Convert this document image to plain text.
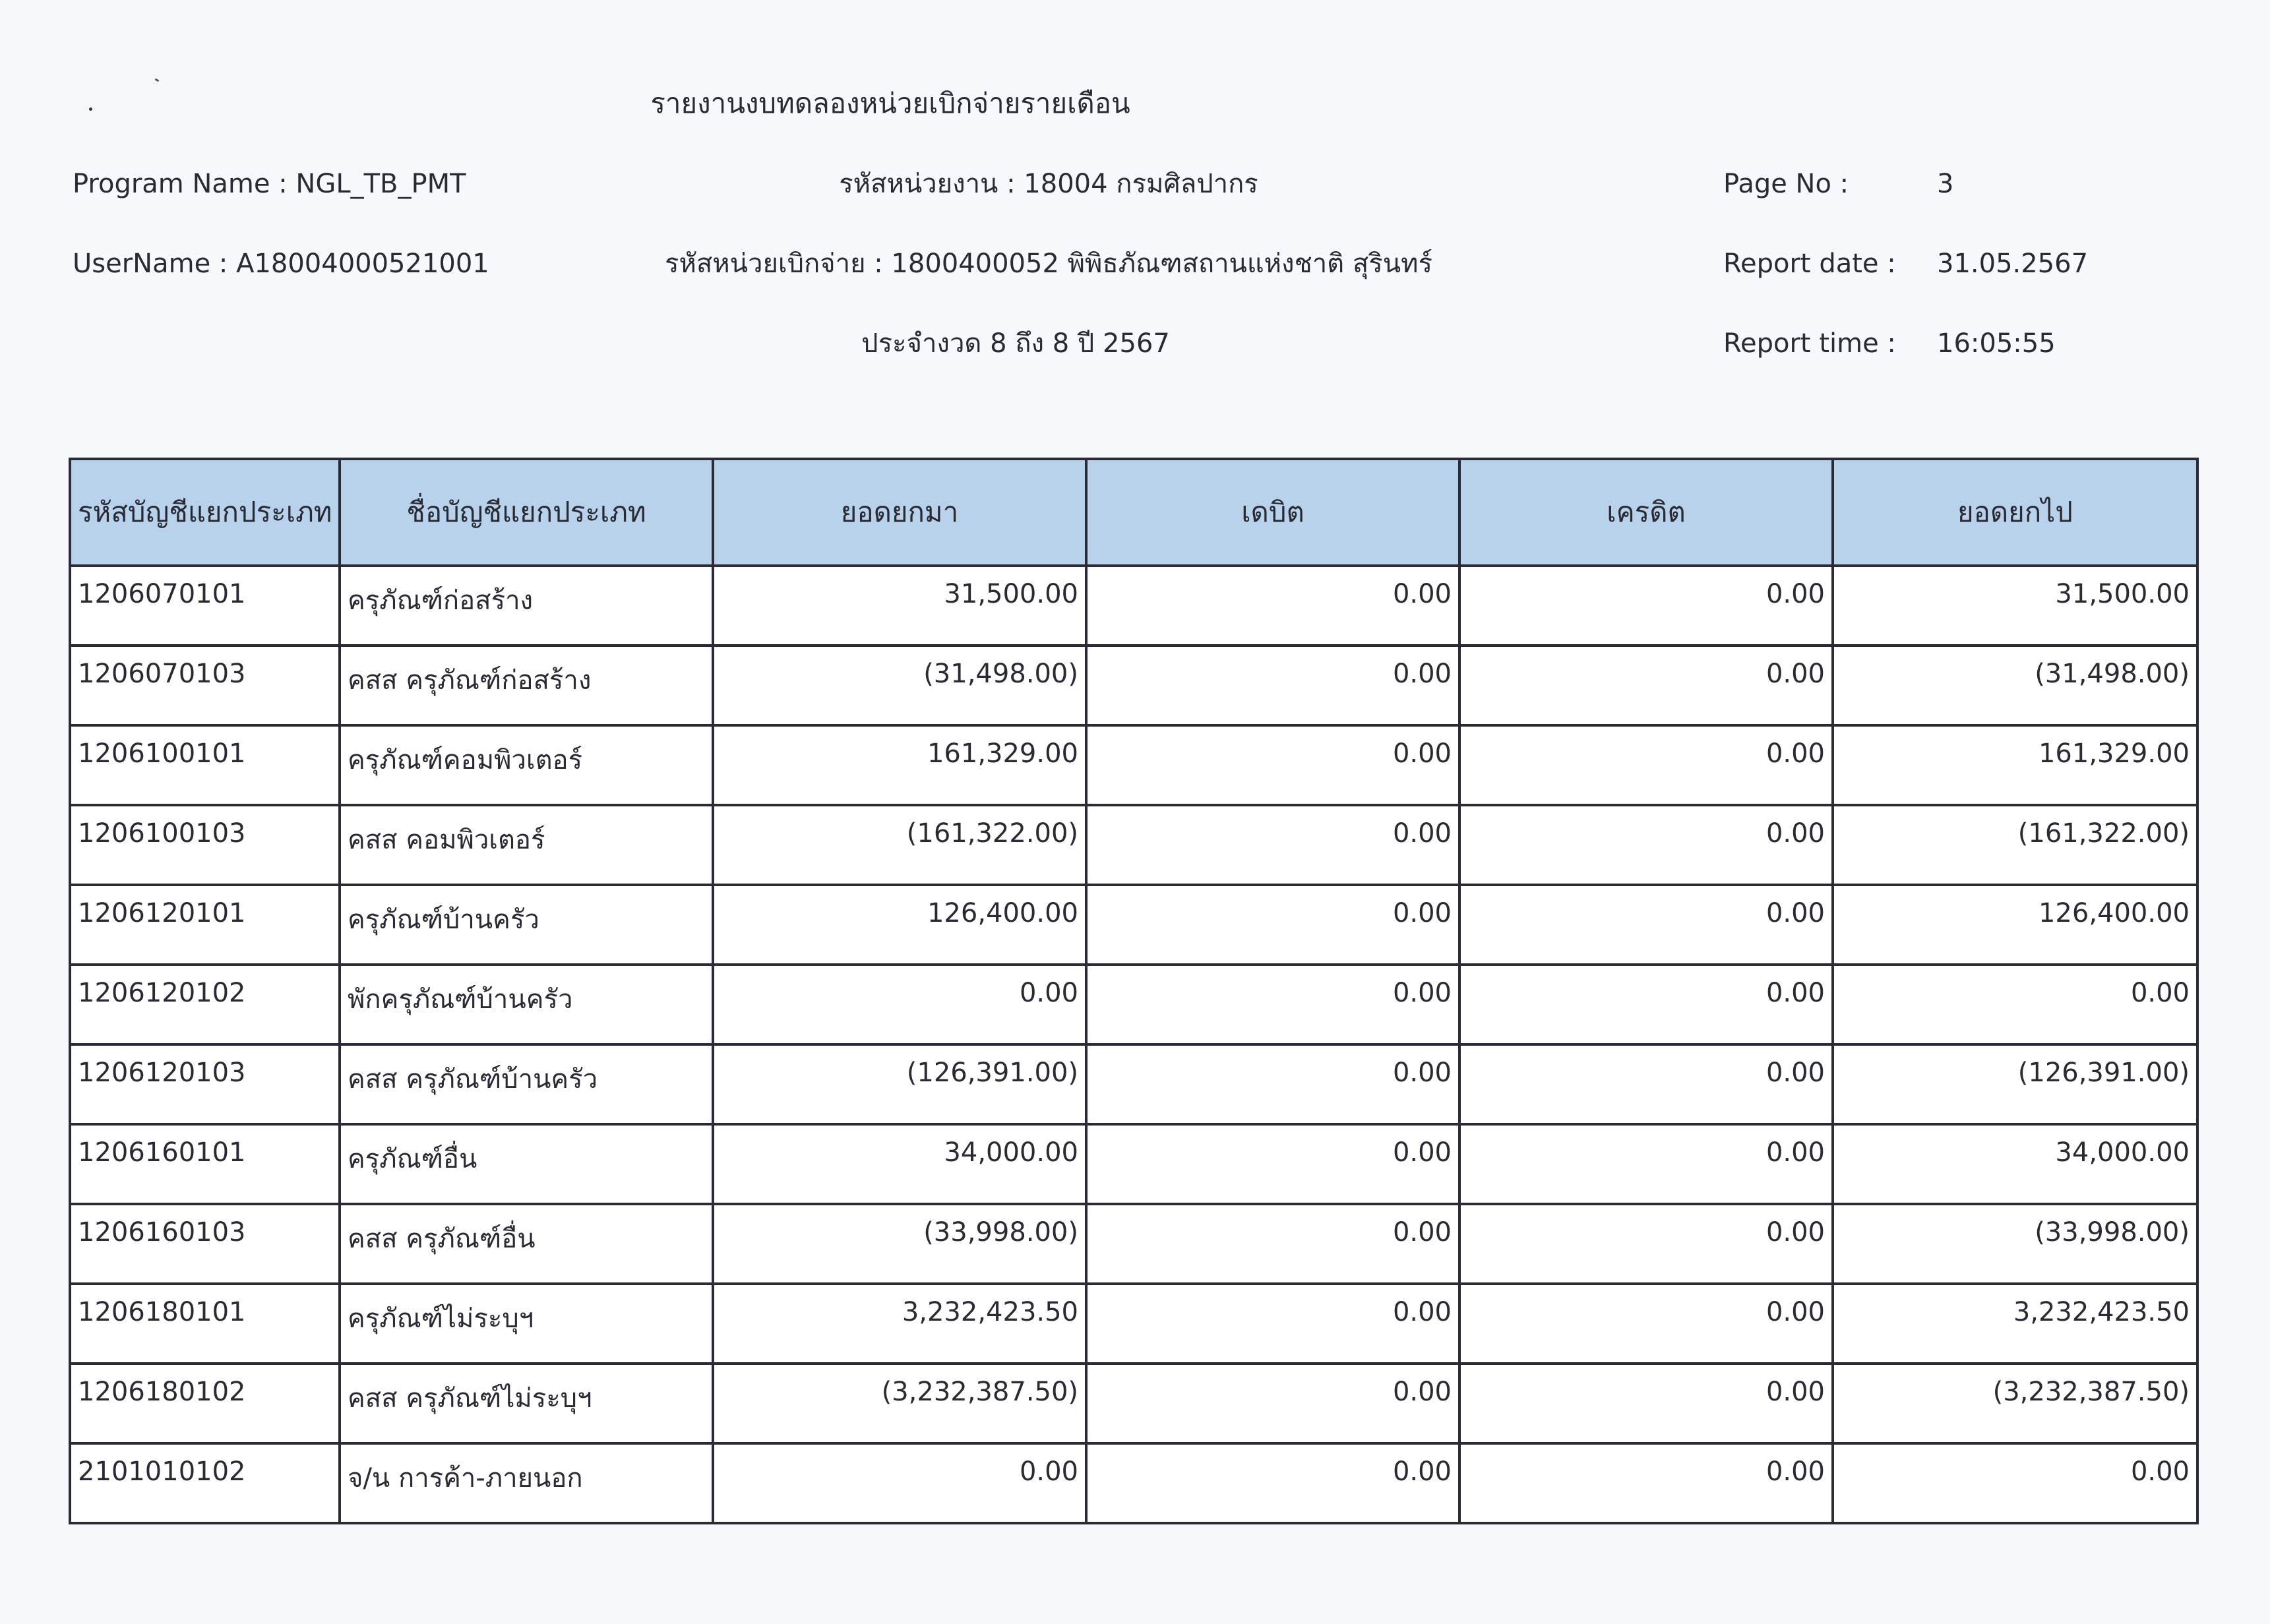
รายงานงบทดลองหน่วยเบิกจ่ายรายเดือน
Program Name : NGL_TB_PMT
UserName : A18004000521001
รหัสหน่วยงาน : 18004 กรมศิลปากร
รหัสหน่วยเบิกจ่าย : 1800400052 พิพิธภัณฑสถานแห่งชาติ สุรินทร์
ประจำงวด 8 ถึง 8 ปี 2567
Page No :	3
Report date : 31.05.2567
Report time : 16:05:55
รหัสบัญชีแยกประเภท	ชื่อบัญชีแยกประเภท	ยอดยกมา	เดบิต	เครดิต	ยอดยกไป
1206070101	ครุภัณฑ์ก่อสร้าง	31,500.00	0.00	0.00	31,500.00
1206070103	คสส ครุภัณฑ์ก่อสร้าง	(31,498.00)	0.00	0.00	(31,498.00)
1206100101	ครุภัณฑ์คอมพิวเตอร์	161,329.00	0.00	0.00	161,329.00
1206100103	คสส คอมพิวเตอร์	(161,322.00)	0.00	0.00	(161,322.00)
1206120101	ครุภัณฑ์บ้านครัว	126,400.00	0.00	0.00	126,400.00
1206120102	พักครุภัณฑ์บ้านครัว	0.00	0.00	0.00	0.00
1206120103	คสส ครุภัณฑ์บ้านครัว	(126,391.00)	0.00	0.00	(126,391.00)
1206160101	ครุภัณฑ์อื่น	34,000.00	0.00	0.00	34,000.00
1206160103	คสส ครุภัณฑ์อื่น	(33,998.00)	0.00	0.00	(33,998.00)
1206180101	ครุภัณฑ์ไม่ระบุฯ	3,232,423.50	0.00	0.00	3,232,423.50
1206180102	คสส ครุภัณฑ์ไม่ระบุฯ	(3,232,387.50)	0.00	0.00	(3,232,387.50)
2101010102	จ/น การค้า-ภายนอก	0.00	0.00	0.00	0.00
